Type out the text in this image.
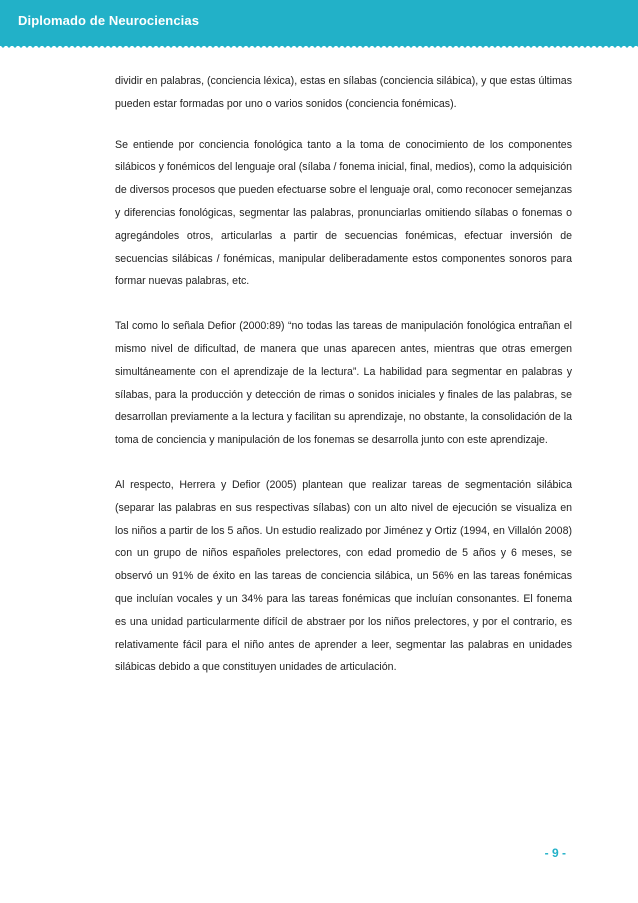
Diplomado de Neurociencias

dividir en palabras, (conciencia léxica), estas en sílabas (conciencia silábica), y que estas últimas pueden estar formadas por uno o varios sonidos (conciencia fonémicas).

Se entiende por conciencia fonológica tanto a la toma de conocimiento de los componentes silábicos y fonémicos del lenguaje oral (sílaba / fonema inicial, final, medios), como la adquisición de diversos procesos que pueden efectuarse sobre el lenguaje oral, como reconocer semejanzas y diferencias fonológicas, segmentar las palabras, pronunciarlas omitiendo sílabas o fonemas o agregándoles otros, articularlas a partir de secuencias fonémicas, efectuar inversión de secuencias silábicas / fonémicas, manipular deliberadamente estos componentes sonoros para formar nuevas palabras, etc.

Tal como lo señala Defior (2000:89) “no todas las tareas de manipulación fonológica entrañan el mismo nivel de dificultad, de manera que unas aparecen antes, mientras que otras emergen simultáneamente con el aprendizaje de la lectura”. La habilidad para segmentar en palabras y sílabas, para la producción y detección de rimas o sonidos iniciales y finales de las palabras, se desarrollan previamente a la lectura y facilitan su aprendizaje, no obstante, la consolidación de la toma de conciencia y manipulación de los fonemas se desarrolla junto con este aprendizaje.

Al respecto, Herrera y Defior (2005) plantean que realizar tareas de segmentación silábica (separar las palabras en sus respectivas sílabas) con un alto nivel de ejecución se visualiza en los niños a partir de los 5 años. Un estudio realizado por Jiménez y Ortiz (1994, en Villalón 2008) con un grupo de niños españoles prelectores, con edad promedio de 5 años y 6 meses, se observó un 91% de éxito en las tareas de conciencia silábica, un 56% en las tareas fonémicas que incluían vocales y un 34% para las tareas fonémicas que incluían consonantes. El fonema es una unidad particularmente difícil de abstraer por los niños prelectores, y por el contrario, es relativamente fácil para el niño antes de aprender a leer, segmentar las palabras en unidades silábicas debido a que constituyen unidades de articulación.

- 9 -
